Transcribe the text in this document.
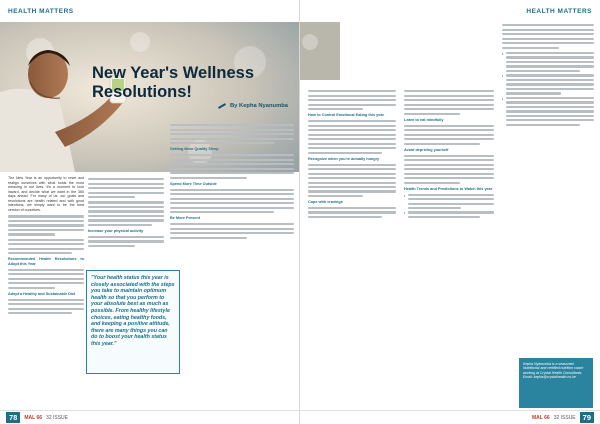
HEALTH MATTERS
New Year's Wellness Resolutions!

The New Year is an opportunity to reset and realign ourselves with what holds the most meaning in our lives. It's a moment to look inward, and decide what we want in the 365 days ahead. For many of us, our goals and resolutions are health related and with good intentions, we simply want to be the best version of ourselves.

Recommended Health Resolutions to Adopt this Year

Adopt a Healthy and Sustainable Diet

Increase your physical activity

"Your health status this year is closely associated with the steps you take to maintain optimum health so that you perform to your absolute best as much as possible. From healthy lifestyle choices, eating healthy foods, and keeping a positive attitude, there are many things you can do to boost your health status this year."

Getting More Quality Sleep

Spend More Time Outside

Be More Present

By Kepha Nyanumba
78	MAL 66 32 ISSUE
HEALTH MATTERS

How to Control Emotional Eating this year

Recognize when you're actually hungry

Cope with cravings

Learn to eat mindfully

Avoid depriving yourself

Health Trends and Predictions to Watch this year
•
•

•
•
•
Kepha Nyanumba is a seasoned Nutritionist and certified nutrition coach working at Crystal Health Consultants. Email: kepha@crystalhealth.co.ke
MAL 66 32 ISSUE 79
